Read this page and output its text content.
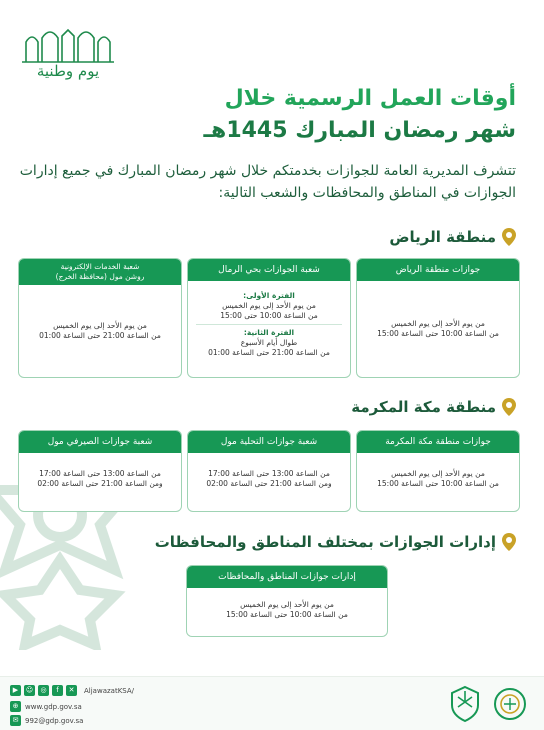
يوم وطنية
أوقات العمل الرسمية خلال
شهر رمضان المبارك 1445هـ
تتشرف المديرية العامة للجوازات بخدمتكم خلال شهر رمضان المبارك في جميع إدارات الجوازات في المناطق والمحافظات والشعب التالية:
منطقة الرياض
جوازات منطقة الرياض
من يوم الأحد إلى يوم الخميس
من الساعة 10:00 حتى الساعة 15:00
شعبة الجوازات بحي الرمال
الفترة الأولى:
من يوم الأحد إلى يوم الخميس
من الساعة 10:00 حتى 15:00
الفترة الثانية:
طوال أيام الأسبوع
من الساعة 21:00 حتى الساعة 01:00
شعبة الخدمات الإلكترونية
روشن مول (محافظة الخرج)
من يوم الأحد إلى يوم الخميس
من الساعة 21:00 حتى الساعة 01:00
منطقة مكة المكرمة
جوازات منطقة مكة المكرمة
من يوم الأحد إلى يوم الخميس
من الساعة 10:00 حتى الساعة 15:00
شعبة جوازات التحلية مول
من الساعة 13:00 حتى الساعة 17:00
ومن الساعة 21:00 حتى الساعة 02:00
شعبة جوازات الصيرفي مول
من الساعة 13:00 حتى الساعة 17:00
ومن الساعة 21:00 حتى الساعة 02:00
إدارات الجوازات بمختلف المناطق والمحافظات
إدارات جوازات المناطق والمحافظات
من يوم الأحد إلى يوم الخميس
من الساعة 10:00 حتى الساعة 15:00
▶	☺	◎	f	✕	AljawazatKSA/
⊕ www.gdp.gov.sa
✉ 992@gdp.gov.sa
